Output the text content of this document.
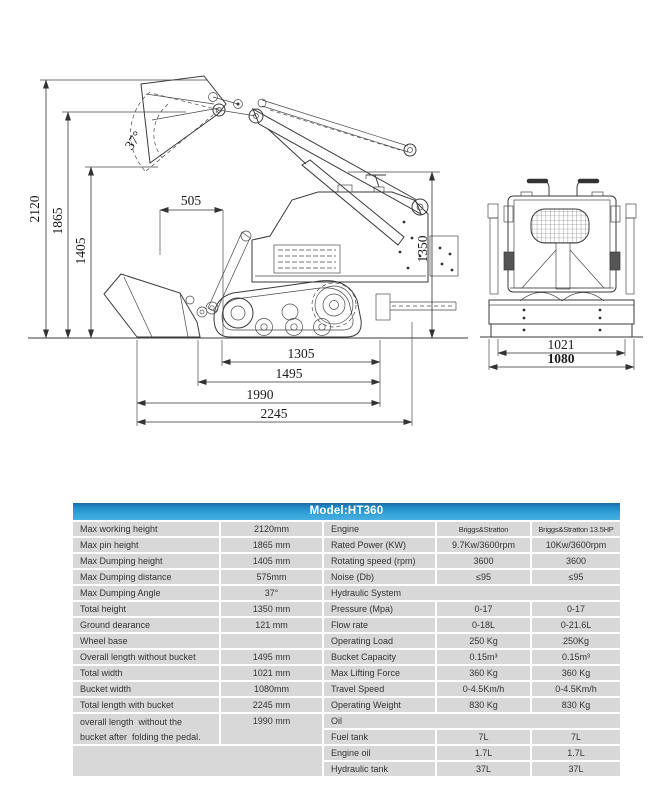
37°
2120 1865
1405
505
1350
1305
1495
1990
2245
1021
1080
Model:HT360
Max working height	2120mm
Max pin height	1865 mm
Max Dumping height	1405 mm
Max Dumping distance	575mm
Max Dumping Angle	37°
Total height	1350 mm
Ground dearance	121 mm
Wheel base
Overall length without bucket	1495 mm
Total width	1021 mm
Bucket width	1080mm
Total length with bucket	2245 mm
overall length  without the
bucket after  folding the pedal.
1990 mm
Engine	Briggs&Stratton	Briggs&Stratton 13.5HP
Rated Power (KW)	9.7Kw/3600rpm	10Kw/3600rpm
Rotating speed (rpm)	3600	3600
Noise (Db)	≤95	≤95
Hydraulic System
Pressure (Mpa)	0-17	0-17
Flow rate	0-18L	0-21.6L
Operating Load	250 Kg	250Kg
Bucket Capacity	0.15m³	0.15m³
Max Lifting Force	360 Kg	360 Kg
Travel Speed	0-4.5Km/h	0-4.5Km/h
Operating Weight	830 Kg	830 Kg
Oil
Fuel tank	7L	7L
Engine oil	1.7L	1.7L
Hydraulic tank	37L	37L
